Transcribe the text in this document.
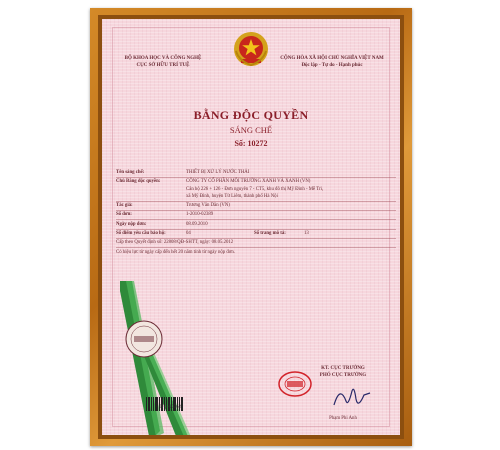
BỘ KHOA HỌC VÀ CÔNG NGHỆ
CỤC SỞ HỮU TRÍ TUỆ
CỘNG HÒA XÃ HỘI CHỦ NGHĨA VIỆT NAM
Độc lập - Tự do - Hạnh phúc
BẰNG ĐỘC QUYỀN
SÁNG CHẾ
Số: 10272
Tên sáng chế:	THIẾT BỊ XỬ LÝ NƯỚC THẢI
Chủ Bằng độc quyền:	CÔNG TY CỔ PHẦN MÔI TRƯỜNG XANH VÀ XANH (VN)
Căn hộ 226 + 126 - Đơn nguyên 7 - CT5, khu đô thị Mỹ Đình - Mễ Trì,
xã Mỹ Đình, huyện Từ Liêm, thành phố Hà Nội
Tác giả:	Trương Văn Dân (VN)
Số đơn:	1-2010-02389
Ngày nộp đơn:	08.09.2010
Số điểm yêu cầu bảo hộ:	04	Số trang mô tả:	13
Cấp theo Quyết định số: 22808/QĐ-SHTT, ngày: 08.05.2012
Có hiệu lực từ ngày cấp đến hết 20 năm tính từ ngày nộp đơn.
N-1-00362
KT. CỤC TRƯỞNG
PHÓ CỤC TRƯỞNG
Phạm Phi Anh
